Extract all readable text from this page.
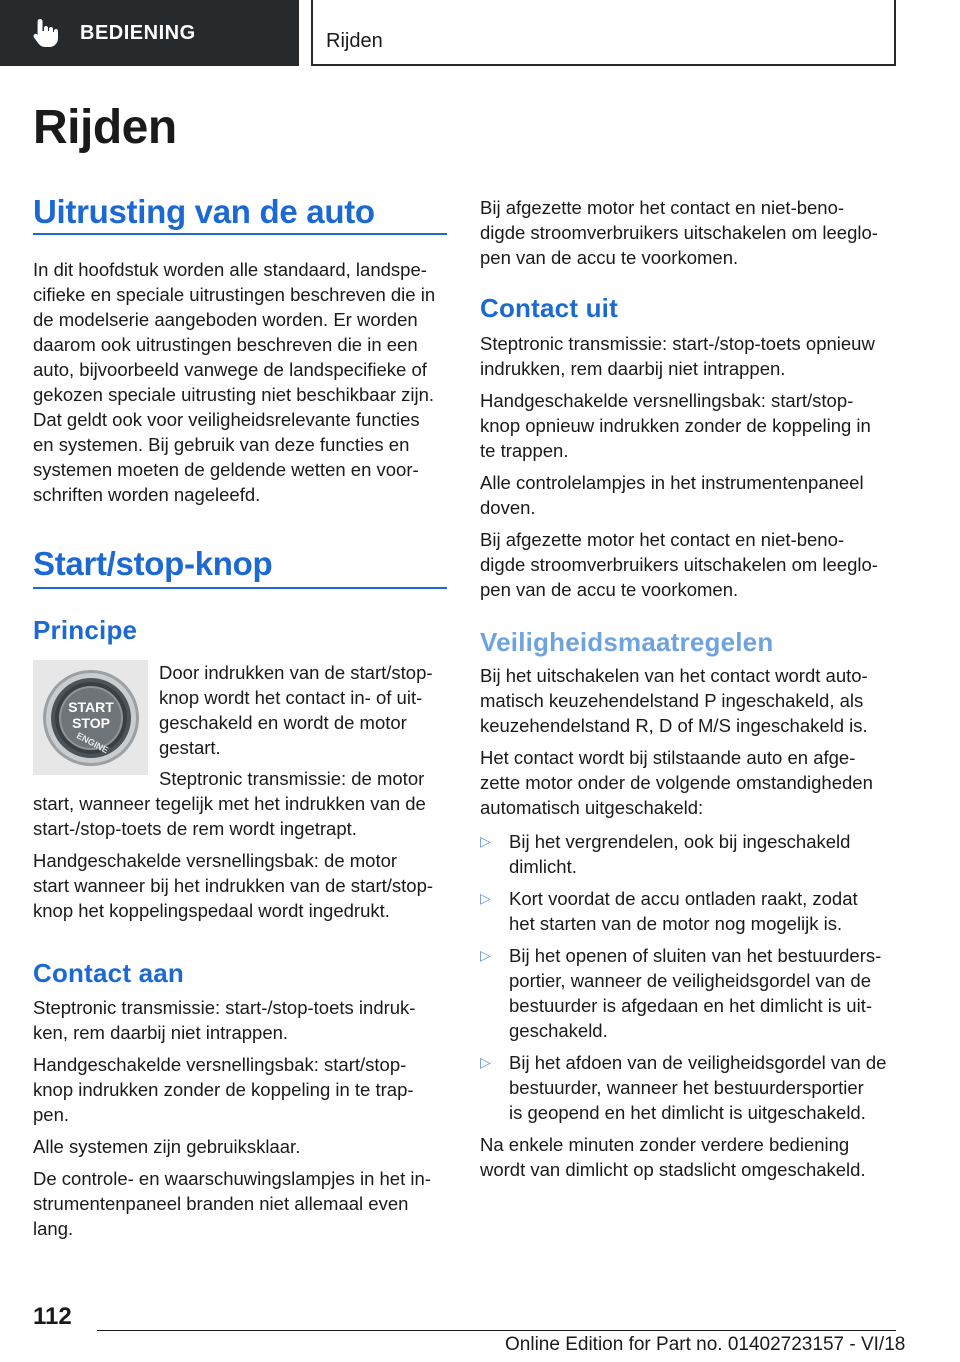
BEDIENING	Rijden
Rijden
Uitrusting van de auto
In dit hoofdstuk worden alle standaard, landspe-
cifieke en speciale uitrustingen beschreven die in
de modelserie aangeboden worden. Er worden
daarom ook uitrustingen beschreven die in een
auto, bijvoorbeeld vanwege de landspecifieke of
gekozen speciale uitrusting niet beschikbaar zijn.
Dat geldt ook voor veiligheidsrelevante functies
en systemen. Bij gebruik van deze functies en
systemen moeten de geldende wetten en voor-
schriften worden nageleefd.
Start/stop-knop
Principe
START
STOP
ENGINE
Door indrukken van de start/stop-
knop wordt het contact in- of uit-
geschakeld en wordt de motor
gestart.
Steptronic transmissie: de motor
start, wanneer tegelijk met het indrukken van de
start-/stop-toets de rem wordt ingetrapt.
Handgeschakelde versnellingsbak: de motor
start wanneer bij het indrukken van de start/stop-
knop het koppelingspedaal wordt ingedrukt.
Contact aan
Steptronic transmissie: start-/stop-toets indruk-
ken, rem daarbij niet intrappen.
Handgeschakelde versnellingsbak: start/stop-
knop indrukken zonder de koppeling in te trap-
pen.
Alle systemen zijn gebruiksklaar.
De controle- en waarschuwingslampjes in het in-
strumentenpaneel branden niet allemaal even
lang.
Bij afgezette motor het contact en niet-beno-
digde stroomverbruikers uitschakelen om leeglo-
pen van de accu te voorkomen.
Contact uit
Steptronic transmissie: start-/stop-toets opnieuw
indrukken, rem daarbij niet intrappen.
Handgeschakelde versnellingsbak: start/stop-
knop opnieuw indrukken zonder de koppeling in
te trappen.
Alle controlelampjes in het instrumentenpaneel
doven.
Bij afgezette motor het contact en niet-beno-
digde stroomverbruikers uitschakelen om leeglo-
pen van de accu te voorkomen.
Veiligheidsmaatregelen
Bij het uitschakelen van het contact wordt auto-
matisch keuzehendelstand P ingeschakeld, als
keuzehendelstand R, D of M/S ingeschakeld is.
Het contact wordt bij stilstaande auto en afge-
zette motor onder de volgende omstandigheden
automatisch uitgeschakeld:
▷ Bij het vergrendelen, ook bij ingeschakeld
dimlicht.
▷ Kort voordat de accu ontladen raakt, zodat
het starten van de motor nog mogelijk is.
▷ Bij het openen of sluiten van het bestuurders-
portier, wanneer de veiligheidsgordel van de
bestuurder is afgedaan en het dimlicht is uit-
geschakeld.
▷ Bij het afdoen van de veiligheidsgordel van de
bestuurder, wanneer het bestuurdersportier
is geopend en het dimlicht is uitgeschakeld.
Na enkele minuten zonder verdere bediening
wordt van dimlicht op stadslicht omgeschakeld.
112
Online Edition for Part no. 01402723157 - VI/18
